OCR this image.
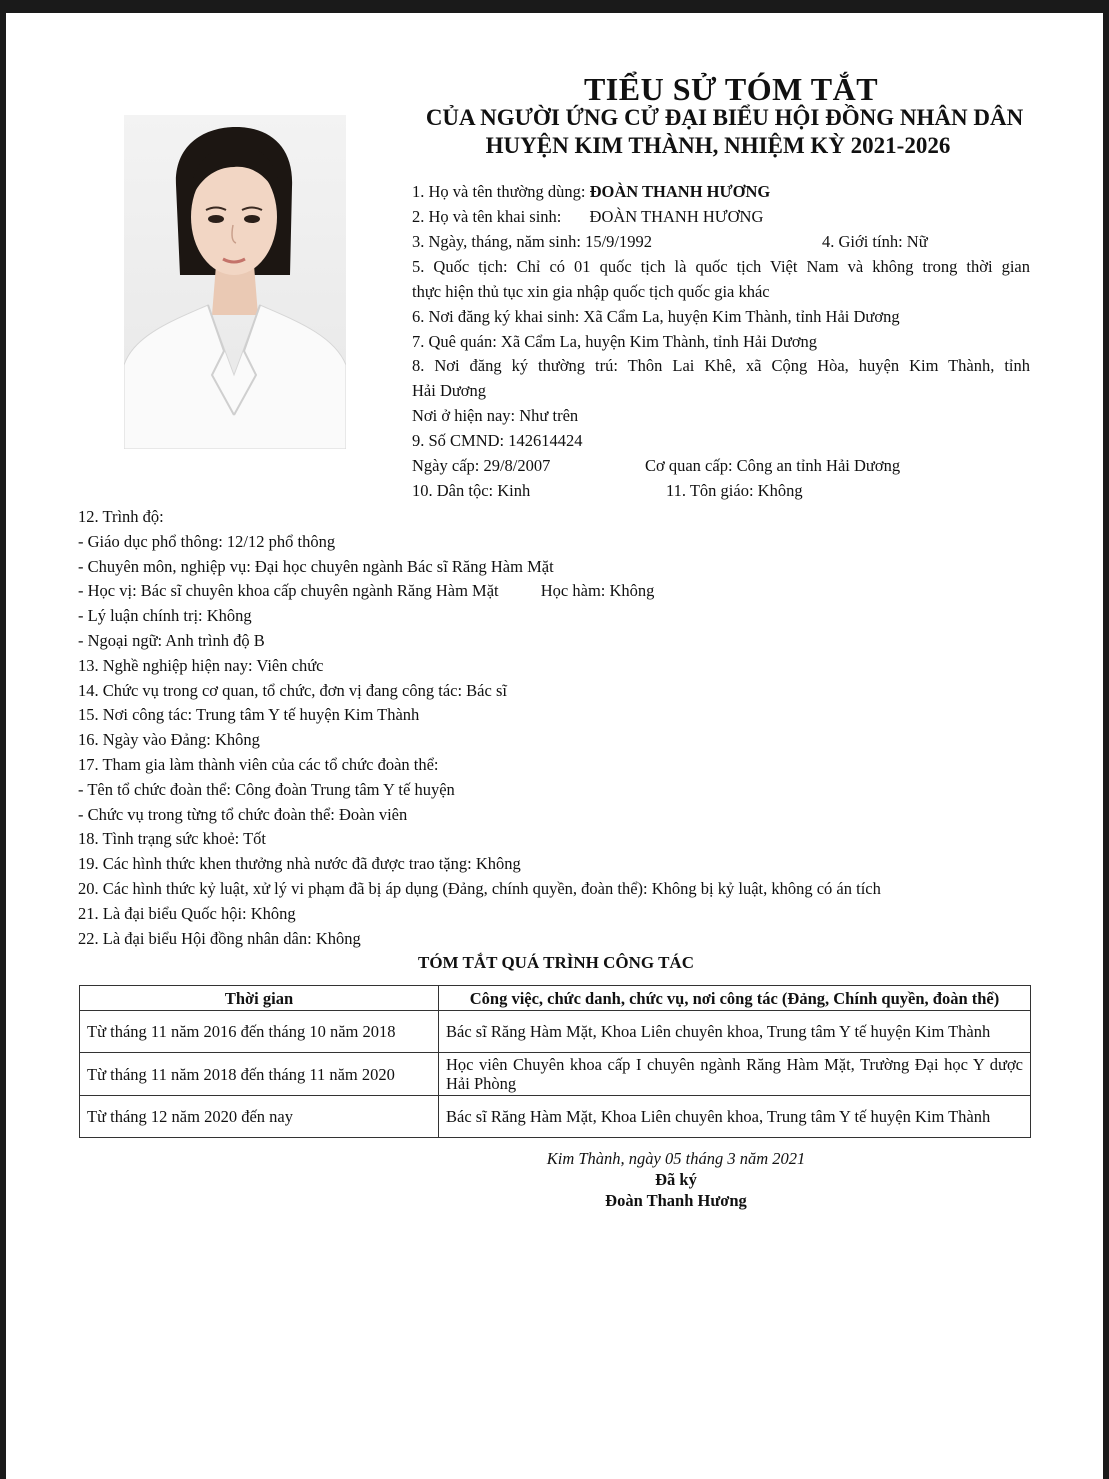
TIỂU SỬ TÓM TẮT
CỦA NGƯỜI ỨNG CỬ ĐẠI BIỂU HỘI ĐỒNG NHÂN DÂN
HUYỆN KIM THÀNH, NHIỆM KỲ 2021-2026
1. Họ và tên thường dùng: ĐOÀN THANH HƯƠNG
2. Họ và tên khai sinh: ĐOÀN THANH HƯƠNG
3. Ngày, tháng, năm sinh: 15/9/1992	4. Giới tính: Nữ
5. Quốc tịch: Chỉ có 01 quốc tịch là quốc tịch Việt Nam và không trong thời gian
thực hiện thủ tục xin gia nhập quốc tịch quốc gia khác
6. Nơi đăng ký khai sinh: Xã Cẩm La, huyện Kim Thành, tỉnh Hải Dương
7. Quê quán: Xã Cẩm La, huyện Kim Thành, tỉnh Hải Dương
8. Nơi đăng ký thường trú: Thôn Lai Khê, xã Cộng Hòa, huyện Kim Thành, tỉnh
Hải Dương
Nơi ở hiện nay: Như trên
9. Số CMND: 142614424
Ngày cấp: 29/8/2007	Cơ quan cấp: Công an tỉnh Hải Dương
10. Dân tộc: Kinh	11. Tôn giáo: Không
12. Trình độ:
- Giáo dục phổ thông: 12/12 phổ thông
- Chuyên môn, nghiệp vụ: Đại học chuyên ngành Bác sĩ Răng Hàm Mặt
- Học vị: Bác sĩ chuyên khoa cấp chuyên ngành Răng Hàm Mặt	Học hàm: Không
- Lý luận chính trị: Không
- Ngoại ngữ: Anh trình độ B
13. Nghề nghiệp hiện nay: Viên chức
14. Chức vụ trong cơ quan, tổ chức, đơn vị đang công tác: Bác sĩ
15. Nơi công tác: Trung tâm Y tế huyện Kim Thành
16. Ngày vào Đảng: Không
17. Tham gia làm thành viên của các tổ chức đoàn thể:
- Tên tổ chức đoàn thể: Công đoàn Trung tâm Y tế huyện
- Chức vụ trong từng tổ chức đoàn thể: Đoàn viên
18. Tình trạng sức khoẻ: Tốt
19. Các hình thức khen thưởng nhà nước đã được trao tặng: Không
20. Các hình thức kỷ luật, xử lý vi phạm đã bị áp dụng (Đảng, chính quyền, đoàn thể): Không bị kỷ luật, không có án tích
21. Là đại biểu Quốc hội: Không
22. Là đại biểu Hội đồng nhân dân: Không
TÓM TẮT QUÁ TRÌNH CÔNG TÁC
Thời gian	Công việc, chức danh, chức vụ, nơi công tác (Đảng, Chính quyền, đoàn thể)
Từ tháng 11 năm 2016 đến tháng 10 năm 2018	Bác sĩ Răng Hàm Mặt, Khoa Liên chuyên khoa, Trung tâm Y tế huyện Kim Thành
Từ tháng 11 năm 2018 đến tháng 11 năm 2020	Học viên Chuyên khoa cấp I chuyên ngành Răng Hàm Mặt, Trường Đại học Y dược Hải Phòng
Từ tháng 12 năm 2020 đến nay	Bác sĩ Răng Hàm Mặt, Khoa Liên chuyên khoa, Trung tâm Y tế huyện Kim Thành
Kim Thành, ngày 05 tháng 3 năm 2021
Đã ký
Đoàn Thanh Hương
